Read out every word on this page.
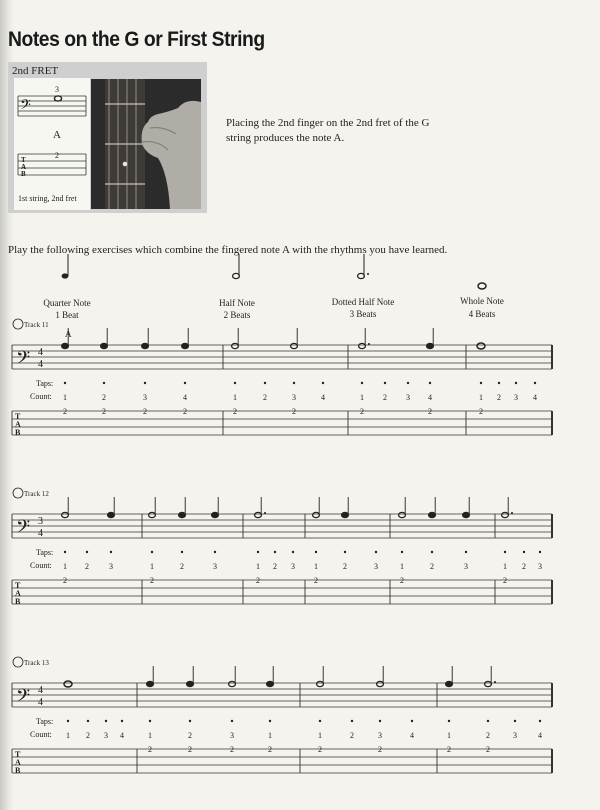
Notes on the G or First String
2nd FRET
𝄢
3
A
T
A
B
2
1st string, 2nd fret
Placing the 2nd finger on the 2nd fret of the G string produces the note A.
Play the following exercises which combine the fingered note A with the rhythms you have learned.
Quarter Note
1 Beat
Half Note
2 Beats
Dotted Half Note
3 Beats
Whole Note
4 Beats
Track 11
A
𝄢 4
4
Taps:
Count: 1	2	3	4	1	2	3	4	1 2 3 4	1 2 3 4
T
A
B
2	2	2	2	2	2	2	2	2
Track 12
𝄢 3
4
Taps:
Count: 1 2	3	1	2	3	1 2 3 1	2	3	1	2	3	1 2 3
T
A
B
2	2	2	2	2	2
Track 13
𝄢 4
4
Taps:
Count: 1 2 3 4	1	2	3	1	1	2	3	4	1	2	3	4
T
A
B
2	2	2	2	2	2	2	2
